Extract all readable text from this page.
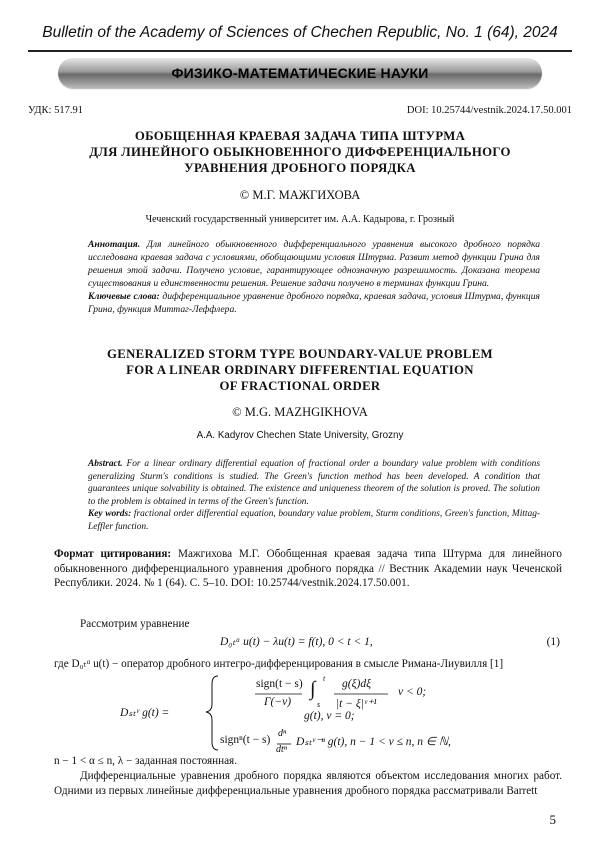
Bulletin of the Academy of Sciences of Chechen Republic, No. 1 (64), 2024
ФИЗИКО-МАТЕМАТИЧЕСКИЕ НАУКИ
УДК: 517.91	DOI: 10.25744/vestnik.2024.17.50.001
ОБОБЩЕННАЯ КРАЕВАЯ ЗАДАЧА ТИПА ШТУРМА
ДЛЯ ЛИНЕЙНОГО ОБЫКНОВЕННОГО ДИФФЕРЕНЦИАЛЬНОГО
УРАВНЕНИЯ ДРОБНОГО ПОРЯДКА
© М.Г. МАЖГИХОВА
Чеченский государственный университет им. А.А. Кадырова, г. Грозный

Аннотация. Для линейного обыкновенного дифференциального уравнения высокого дробного порядка исследована краевая задача с условиями, обобщающими условия Штурма. Развит метод функции Грина для решения этой задачи. Получено условие, гарантирующее однозначную разрешимость. Доказана теорема существования и единственности решения. Решение задачи получено в терминах функции Грина.

Ключевые слова: дифференциальное уравнение дробного порядка, краевая задача, условия Штурма, функция Грина, функция Миттаг-Леффлера.

GENERALIZED STORM TYPE BOUNDARY-VALUE PROBLEM
FOR A LINEAR ORDINARY DIFFERENTIAL EQUATION
OF FRACTIONAL ORDER
© M.G. MAZHGIKHOVA
A.A. Kadyrov Chechen State University, Grozny

Abstract. For a linear ordinary differential equation of fractional order a boundary value problem with conditions generalizing Sturm's conditions is studied. The Green's function method has been developed. A condition that guarantees unique solvability is obtained. The existence and uniqueness theorem of the solution is proved. The solution to the problem is obtained in terms of the Green's function.

Key words: fractional order differential equation, boundary value problem, Sturm conditions, Green's function, Mittag-Leffler function.

Формат цитирования: Мажгихова М.Г. Обобщенная краевая задача типа Штурма для линейного обыкновенного дифференциального уравнения дробного порядка // Вестник Академии наук Чеченской Республики. 2024. № 1 (64). С. 5–10. DOI: 10.25744/vestnik.2024.17.50.001.
Рассмотрим уравнение
D₀ₜᵅ u(t) − λu(t) = f(t), 0 < t < 1,	(1)
где D₀ₜᵅ u(t) − оператор дробного интегро-дифференцирования в смысле Римана-Лиувилля [1]
Dₛₜᵛ g(t) =
sign(t − s)
Γ(−ν)
∫ t
s
g(ξ)dξ
|t − ξ|ᵛ⁺¹
ν < 0;
g(t), ν = 0;
signⁿ(t − s)
dⁿ
dtⁿ
Dₛₜᵛ⁻ⁿ g(t), n − 1 < ν ≤ n, n ∈ ℕ,
n − 1 < α ≤ n, λ − заданная постоянная.
Дифференциальные уравнения дробного порядка являются объектом исследования многих работ. Одними из первых линейные дифференциальные уравнения дробного порядка рассматривали Barrett
5
